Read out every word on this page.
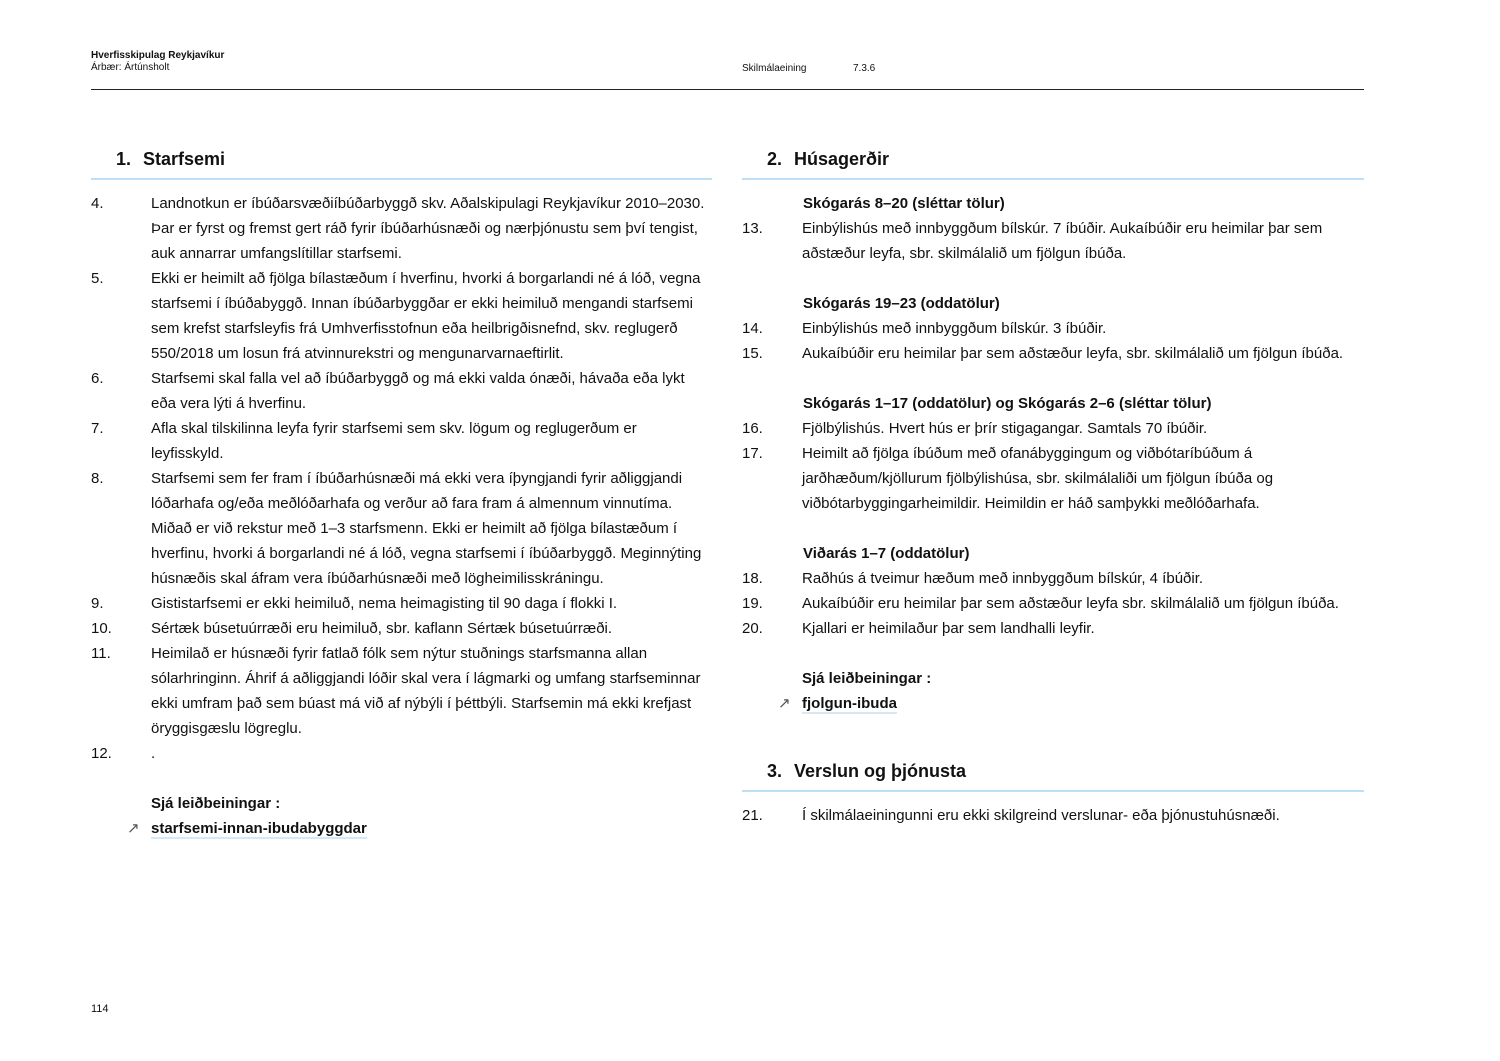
Hverfisskipulag Reykjavíkur
Árbær: Ártúnsholt	Skilmálaeining	7.3.6
1. Starfsemi
4.	Landnotkun er íbúðarsvæðiíbúðarbyggð skv. Aðalskipulagi Reykjavíkur 2010–2030. Þar er fyrst og fremst gert ráð fyrir íbúðarhúsnæði og nærþjónustu sem því tengist, auk annarrar umfangslítillar starfsemi.
5.	Ekki er heimilt að fjölga bílastæðum í hverfinu, hvorki á borgarlandi né á lóð, vegna starfsemi í íbúðabyggð. Innan íbúðarbyggðar er ekki heimiluð mengandi starfsemi sem krefst starfsleyfis frá Umhverfisstofnun eða heilbrigðisnefnd, skv. reglugerð 550/2018 um losun frá atvinnurekstri og mengunarvarnaeftirlit.
6.	Starfsemi skal falla vel að íbúðarbyggð og má ekki valda ónæði, hávaða eða lykt eða vera lýti á hverfinu.
7.	Afla skal tilskilinna leyfa fyrir starfsemi sem skv. lögum og reglugerðum er leyfisskyld.
8.	Starfsemi sem fer fram í íbúðarhúsnæði má ekki vera íþyngjandi fyrir aðliggjandi lóðarhafa og/eða meðlóðarhafa og verður að fara fram á almennum vinnutíma. Miðað er við rekstur með 1–3 starfsmenn. Ekki er heimilt að fjölga bílastæðum í hverfinu, hvorki á borgarlandi né á lóð, vegna starfsemi í íbúðarbyggð. Meginnýting húsnæðis skal áfram vera íbúðarhúsnæði með lögheimilisskráningu.
9.	Gististarfsemi er ekki heimiluð, nema heimagisting til 90 daga í flokki I.
10.	Sértæk búsetuúrræði eru heimiluð, sbr. kaflann Sértæk búsetuúrræði.
11.	Heimilað er húsnæði fyrir fatlað fólk sem nýtur stuðnings starfsmanna allan sólarhringinn. Áhrif á aðliggjandi lóðir skal vera í lágmarki og umfang starfseminnar ekki umfram það sem búast má við af nýbýli í þéttbýli. Starfsemin má ekki krefjast öryggisgæslu lögreglu.
12.	.
Sjá leiðbeiningar :
↗ starfsemi-innan-ibudabyggdar
2. Húsagerðir
Skógarás 8–20 (sléttar tölur)
13.	Einbýlishús með innbyggðum bílskúr. 7 íbúðir. Aukaíbúðir eru heimilar þar sem aðstæður leyfa, sbr. skilmálalið um fjölgun íbúða.
Skógarás 19–23 (oddatölur)
14.	Einbýlishús með innbyggðum bílskúr. 3 íbúðir.
15.	Aukaíbúðir eru heimilar þar sem aðstæður leyfa, sbr. skilmálalið um fjölgun íbúða.
Skógarás 1–17 (oddatölur) og Skógarás 2–6 (sléttar tölur)
16.	Fjölbýlishús. Hvert hús er þrír stigagangar. Samtals 70 íbúðir.
17.	Heimilt að fjölga íbúðum með ofanábyggingum og viðbótaríbúðum á jarðhæðum/kjöllurum fjölbýlishúsa, sbr. skilmálaliði um fjölgun íbúða og viðbótarbyggingarheimildir. Heimildin er háð samþykki meðlóðarhafa.
Viðarás 1–7 (oddatölur)
18.	Raðhús á tveimur hæðum með innbyggðum bílskúr, 4 íbúðir.
19.	Aukaíbúðir eru heimilar þar sem aðstæður leyfa sbr. skilmálalið um fjölgun íbúða.
20.	Kjallari er heimilaður þar sem landhalli leyfir.
Sjá leiðbeiningar :
↗ fjolgun-ibuda
3. Verslun og þjónusta
21.	Í skilmálaeiningunni eru ekki skilgreind verslunar- eða þjónustuhúsnæði.
114
